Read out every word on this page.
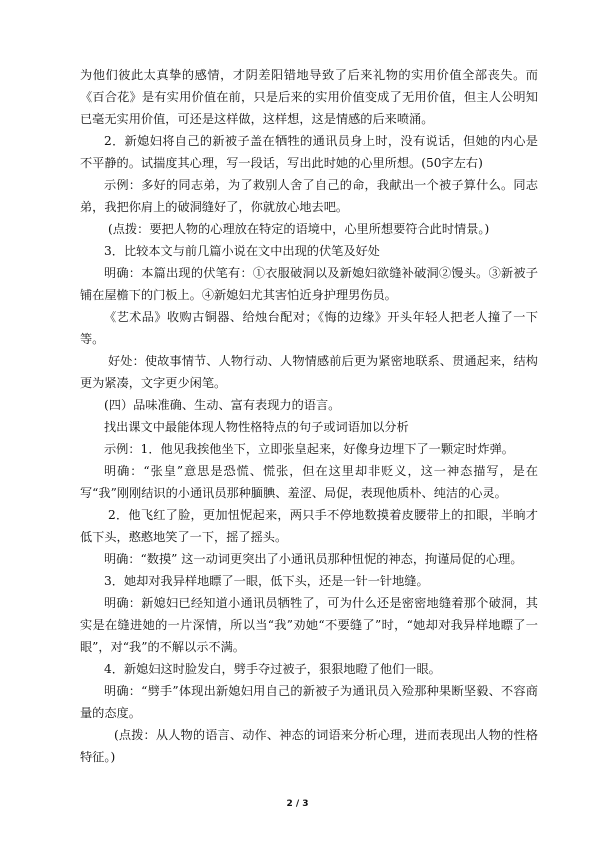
为他们彼此太真挚的感情，才阴差阳错地导致了后来礼物的实用价值全部丧失。而《百合花》是有实用价值在前，只是后来的实用价值变成了无用价值，但主人公明知已毫无实用价值，可还是这样做，这样想，这是情感的后来喷涌。

2．新媳妇将自己的新被子盖在牺牲的通讯员身上时，没有说话，但她的内心是不平静的。试揣度其心理，写一段话，写出此时她的心里所想。(50字左右)

示例：多好的同志弟，为了救别人舍了自己的命，我献出一个被子算什么。同志弟，我把你肩上的破洞缝好了，你就放心地去吧。

(点拨：要把人物的心理放在特定的语境中，心里所想要符合此时情景。)

3．比较本文与前几篇小说在文中出现的伏笔及好处

明确：本篇出现的伏笔有：①衣服破洞以及新媳妇欲缝补破洞②馒头。③新被子铺在屋檐下的门板上。④新媳妇尤其害怕近身护理男伤员。

《艺术品》收购古铜器、给烛台配对；《悔的边缘》开头年轻人把老人撞了一下等。

好处：使故事情节、人物行动、人物情感前后更为紧密地联系、贯通起来，结构更为紧凑，文字更少闲笔。

(四）品味准确、生动、富有表现力的语言。

找出课文中最能体现人物性格特点的句子或词语加以分析

示例：1．他见我挨他坐下，立即张皇起来，好像身边埋下了一颗定时炸弹。

明确：“张皇”意思是恐慌、慌张，但在这里却非贬义，这一神态描写，是在写“我”刚刚结识的小通讯员那种腼腆、羞涩、局促，表现他质朴、纯洁的心灵。

2．他飞红了脸，更加忸怩起来，两只手不停地数摸着皮腰带上的扣眼，半晌才低下头，憨憨地笑了一下，摇了摇头。

明确：“数摸” 这一动词更突出了小通讯员那种忸怩的神态，拘谨局促的心理。

3．她却对我异样地瞟了一眼，低下头，还是一针一针地缝。

明确：新媳妇已经知道小通讯员牺牲了，可为什么还是密密地缝着那个破洞，其实是在缝进她的一片深情，所以当“我”劝她“不要缝了”时，“她却对我异样地瞟了一眼”，对“我”的不解以示不满。

4．新媳妇这时脸发白，劈手夺过被子，狠狠地瞪了他们一眼。

明确：“劈手”体现出新媳妇用自己的新被子为通讯员入殓那种果断坚毅、不容商量的态度。

(点拨：从人物的语言、动作、神态的词语来分析心理，进而表现出人物的性格特征。)

2 / 3
